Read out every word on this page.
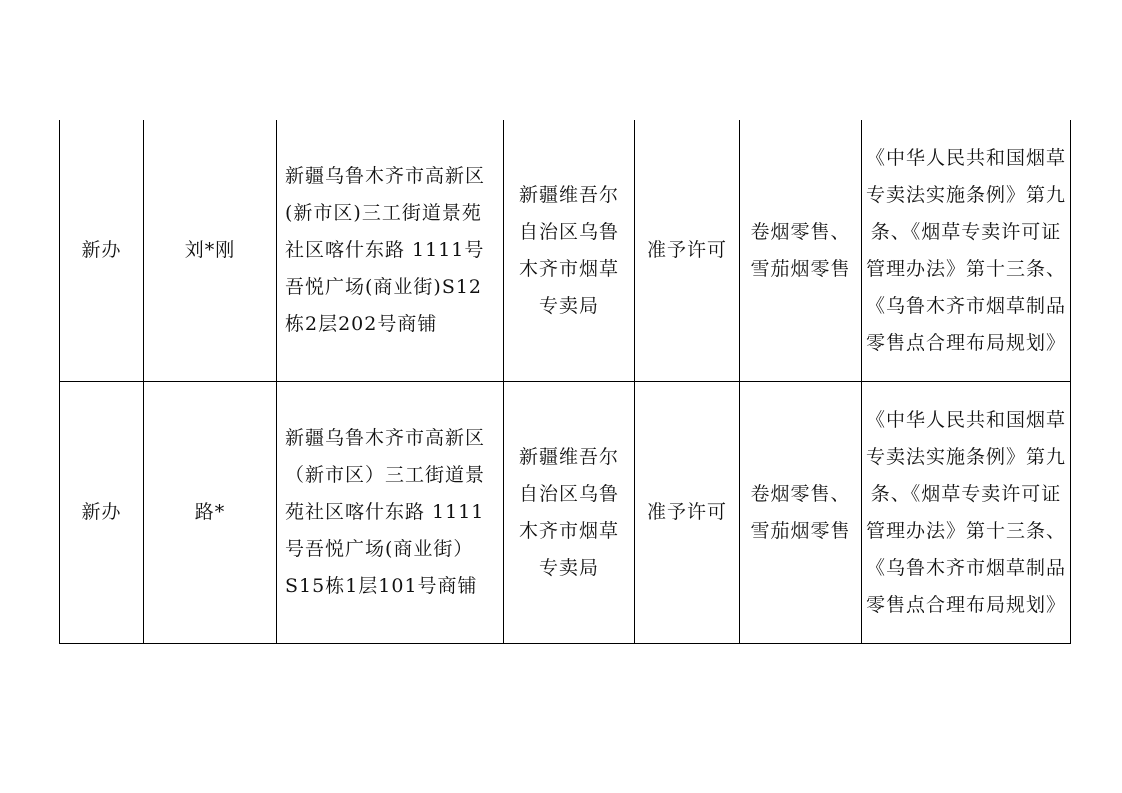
新办	刘*刚	新疆乌鲁木齐市高新区(新市区)三工街道景苑社区喀什东路 1111号吾悦广场(商业街)S12栋2层202号商铺	新疆维吾尔自治区乌鲁木齐市烟草专卖局	准予许可	卷烟零售、雪茄烟零售	《中华人民共和国烟草专卖法实施条例》第九条、《烟草专卖许可证管理办法》第十三条、《乌鲁木齐市烟草制品零售点合理布局规划》

新办	路*	新疆乌鲁木齐市高新区（新市区）三工街道景苑社区喀什东路 1111号吾悦广场(商业街）S15栋1层101号商铺	新疆维吾尔自治区乌鲁木齐市烟草专卖局	准予许可	卷烟零售、雪茄烟零售	《中华人民共和国烟草专卖法实施条例》第九条、《烟草专卖许可证管理办法》第十三条、《乌鲁木齐市烟草制品零售点合理布局规划》
